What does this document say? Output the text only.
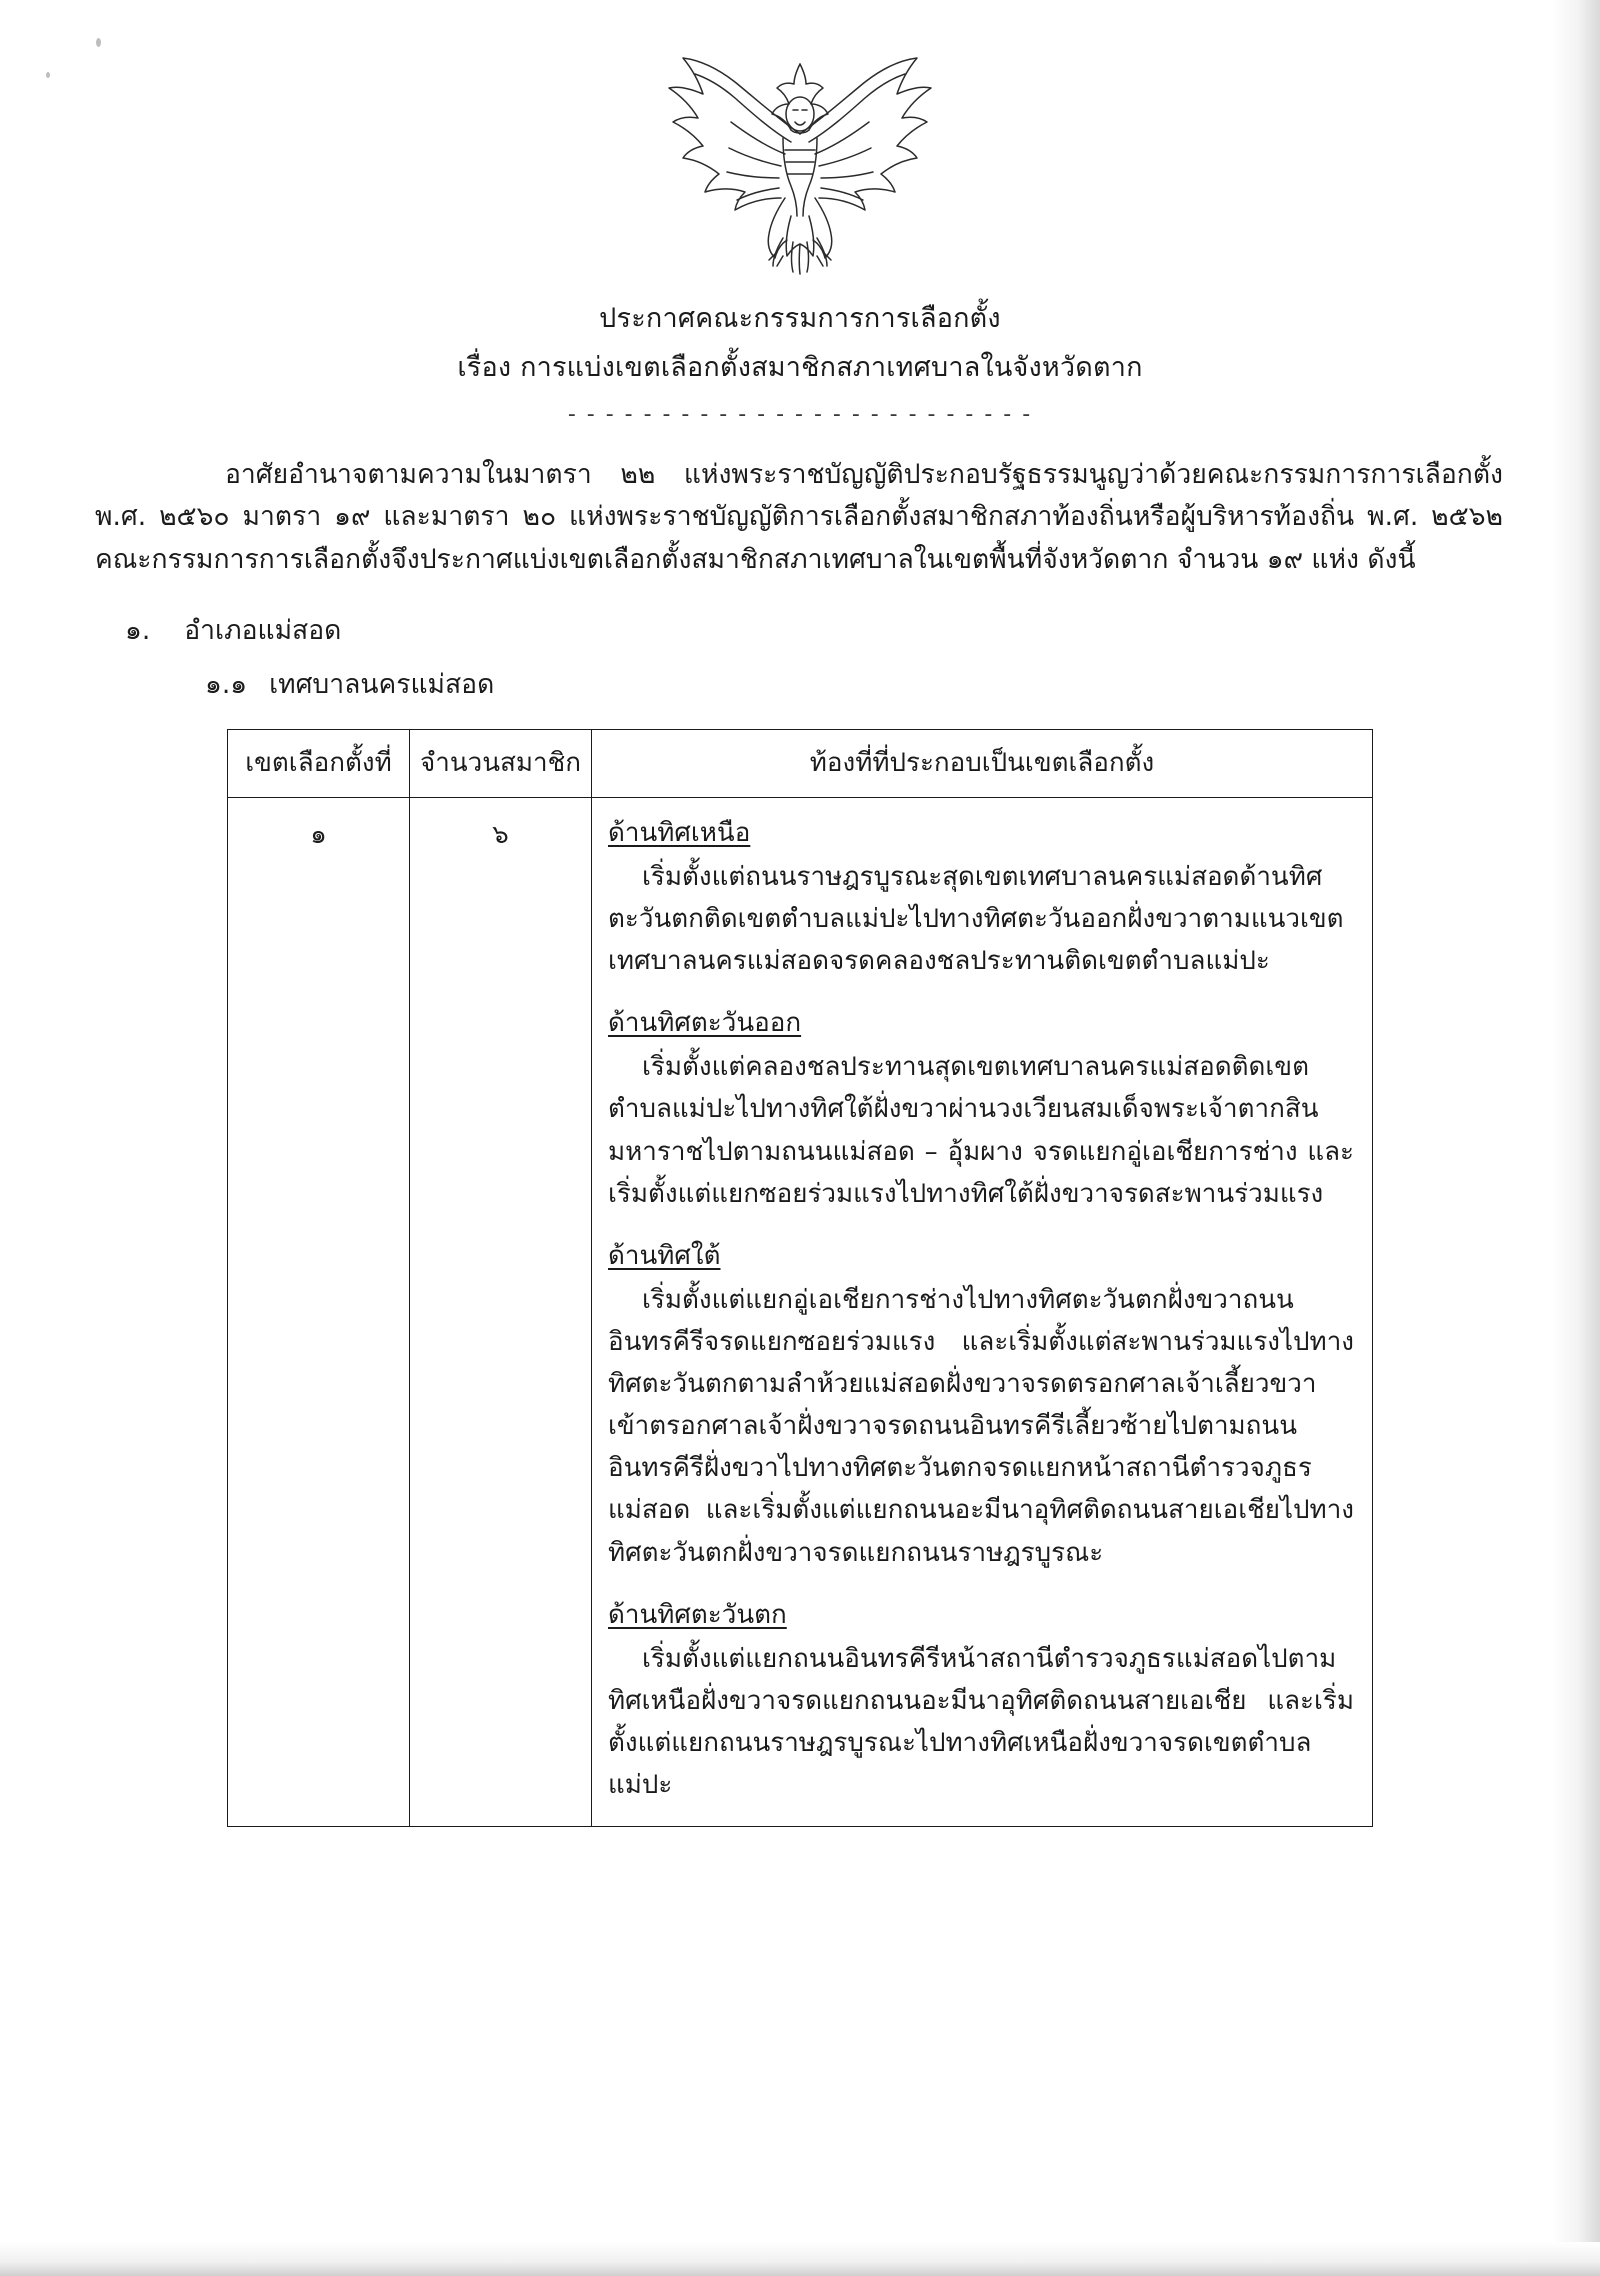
ประกาศคณะกรรมการการเลือกตั้ง
เรื่อง การแบ่งเขตเลือกตั้งสมาชิกสภาเทศบาลในจังหวัดตาก
- - - - - - - - - - - - - - - - - - - - - - - - -

อาศัยอำนาจตามความในมาตรา ๒๒ แห่งพระราชบัญญัติประกอบรัฐธรรมนูญว่าด้วยคณะกรรมการการเลือกตั้ง พ.ศ. ๒๕๖๐ มาตรา ๑๙ และมาตรา ๒๐ แห่งพระราชบัญญัติการเลือกตั้งสมาชิกสภาท้องถิ่นหรือผู้บริหารท้องถิ่น พ.ศ. ๒๕๖๒ คณะกรรมการการเลือกตั้งจึงประกาศแบ่งเขตเลือกตั้งสมาชิกสภาเทศบาลในเขตพื้นที่จังหวัดตาก จำนวน ๑๙ แห่ง ดังนี้

๑. อำเภอแม่สอด
๑.๑ เทศบาลนครแม่สอด
เขตเลือกตั้งที่	จำนวนสมาชิก	ท้องที่ที่ประกอบเป็นเขตเลือกตั้ง
๑	๖	ด้านทิศเหนือ
เริ่มตั้งแต่ถนนราษฎรบูรณะสุดเขตเทศบาลนครแม่สอดด้านทิศตะวันตกติดเขตตำบลแม่ปะไปทางทิศตะวันออกฝั่งขวาตามแนวเขตเทศบาลนครแม่สอดจรดคลองชลประทานติดเขตตำบลแม่ปะ
ด้านทิศตะวันออก
เริ่มตั้งแต่คลองชลประทานสุดเขตเทศบาลนครแม่สอดติดเขตตำบลแม่ปะไปทางทิศใต้ฝั่งขวาผ่านวงเวียนสมเด็จพระเจ้าตากสินมหาราชไปตามถนนแม่สอด – อุ้มผาง จรดแยกอู่เอเชียการช่าง และเริ่มตั้งแต่แยกซอยร่วมแรงไปทางทิศใต้ฝั่งขวาจรดสะพานร่วมแรง
ด้านทิศใต้
เริ่มตั้งแต่แยกอู่เอเชียการช่างไปทางทิศตะวันตกฝั่งขวาถนนอินทรคีรีจรดแยกซอยร่วมแรง และเริ่มตั้งแต่สะพานร่วมแรงไปทางทิศตะวันตกตามลำห้วยแม่สอดฝั่งขวาจรดตรอกศาลเจ้าเลี้ยวขวาเข้าตรอกศาลเจ้าฝั่งขวาจรดถนนอินทรคีรีเลี้ยวซ้ายไปตามถนนอินทรคีรีฝั่งขวาไปทางทิศตะวันตกจรดแยกหน้าสถานีตำรวจภูธรแม่สอด และเริ่มตั้งแต่แยกถนนอะมีนาอุทิศติดถนนสายเอเชียไปทางทิศตะวันตกฝั่งขวาจรดแยกถนนราษฎรบูรณะ
ด้านทิศตะวันตก
เริ่มตั้งแต่แยกถนนอินทรคีรีหน้าสถานีตำรวจภูธรแม่สอดไปตามทิศเหนือฝั่งขวาจรดแยกถนนอะมีนาอุทิศติดถนนสายเอเชีย และเริ่มตั้งแต่แยกถนนราษฎรบูรณะไปทางทิศเหนือฝั่งขวาจรดเขตตำบลแม่ปะ
